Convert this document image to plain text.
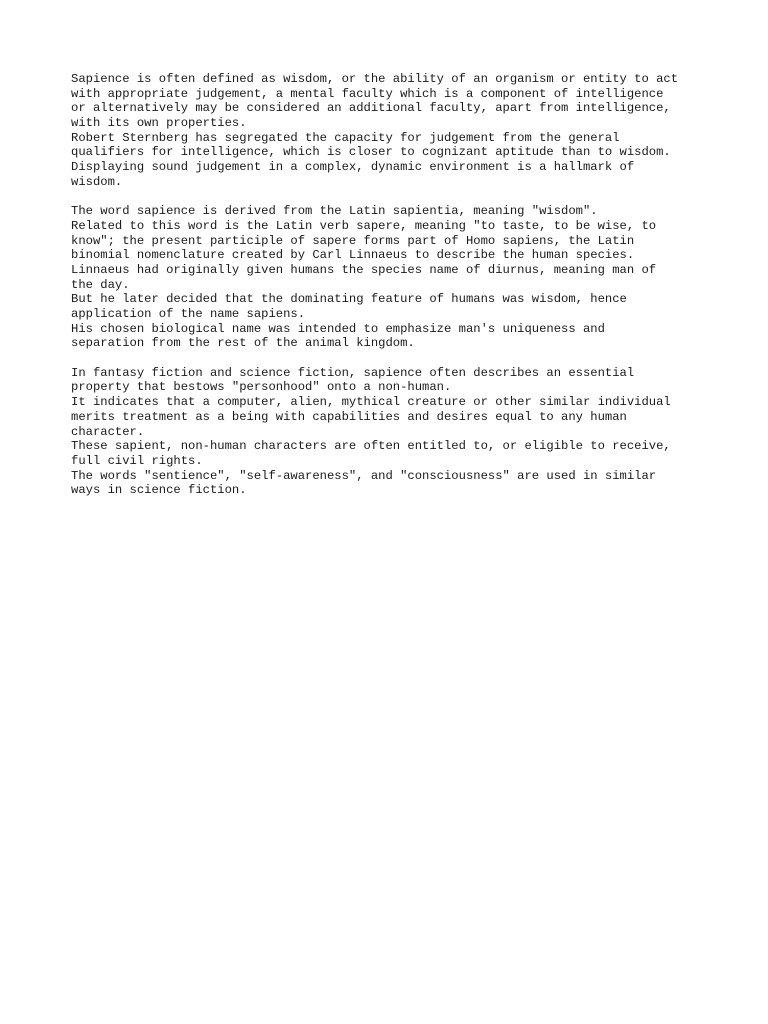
Sapience is often defined as wisdom, or the ability of an organism or entity to act
with appropriate judgement, a mental faculty which is a component of intelligence
or alternatively may be considered an additional faculty, apart from intelligence,
with its own properties.
Robert Sternberg has segregated the capacity for judgement from the general
qualifiers for intelligence, which is closer to cognizant aptitude than to wisdom.
Displaying sound judgement in a complex, dynamic environment is a hallmark of
wisdom.

The word sapience is derived from the Latin sapientia, meaning "wisdom".
Related to this word is the Latin verb sapere, meaning "to taste, to be wise, to
know"; the present participle of sapere forms part of Homo sapiens, the Latin
binomial nomenclature created by Carl Linnaeus to describe the human species.
Linnaeus had originally given humans the species name of diurnus, meaning man of
the day.
But he later decided that the dominating feature of humans was wisdom, hence
application of the name sapiens.
His chosen biological name was intended to emphasize man's uniqueness and
separation from the rest of the animal kingdom.

In fantasy fiction and science fiction, sapience often describes an essential
property that bestows "personhood" onto a non-human.
It indicates that a computer, alien, mythical creature or other similar individual
merits treatment as a being with capabilities and desires equal to any human
character.
These sapient, non-human characters are often entitled to, or eligible to receive,
full civil rights.
The words "sentience", "self-awareness", and "consciousness" are used in similar
ways in science fiction.
